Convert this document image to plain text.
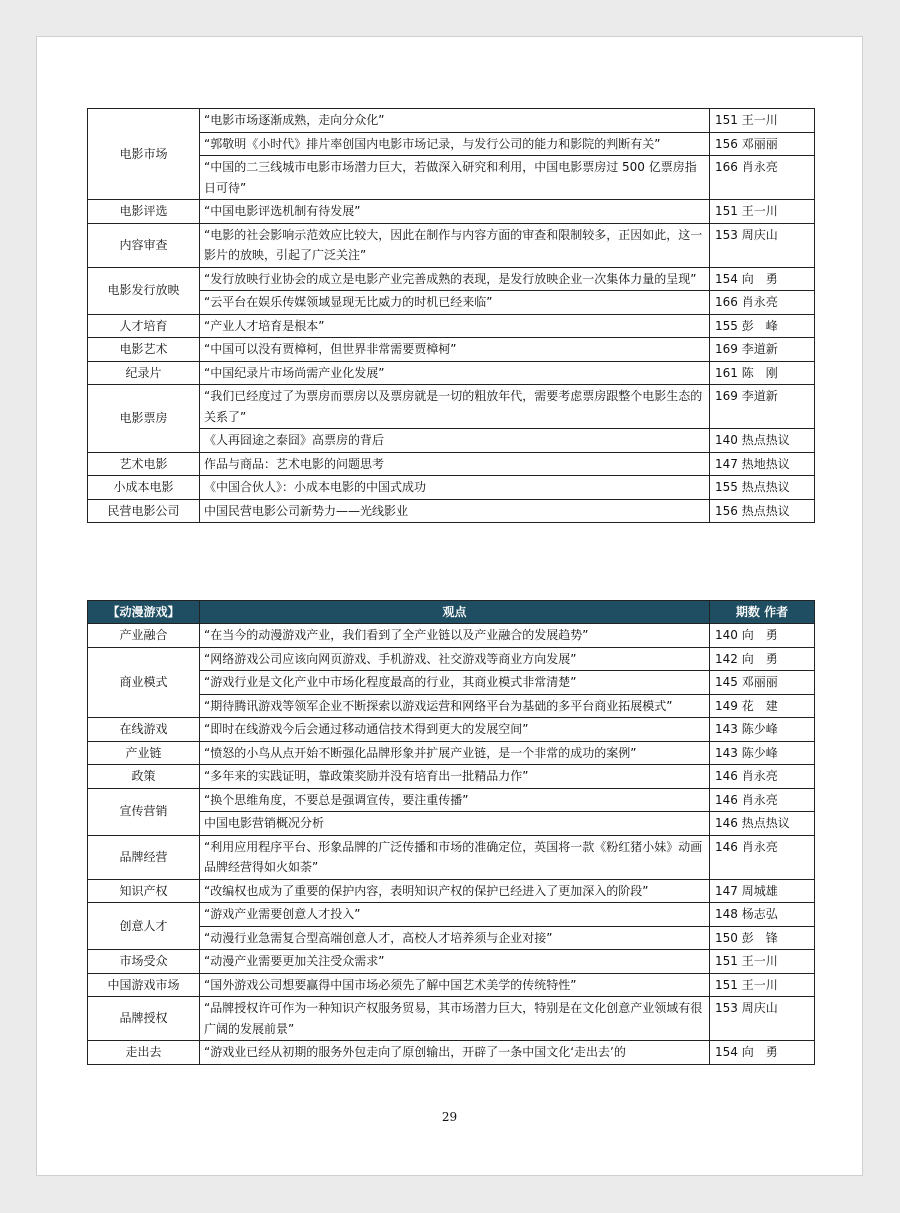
电影市场	“电影市场逐渐成熟，走向分众化”	151 王一川
	“郭敬明《小时代》排片率创国内电影市场记录，与发行公司的能力和影院的判断有关”	156 邓丽丽
	“中国的二三线城市电影市场潜力巨大，若做深入研究和利用，中国电影票房过 500 亿票房指日可待”	166 肖永亮
电影评选	“中国电影评选机制有待发展”	151 王一川
内容审查	“电影的社会影响示范效应比较大，因此在制作与内容方面的审查和限制较多，正因如此，这一影片的放映，引起了广泛关注”	153 周庆山
电影发行放映	“发行放映行业协会的成立是电影产业完善成熟的表现，是发行放映企业一次集体力量的呈现”	154 向　勇
	“云平台在娱乐传媒领域显现无比威力的时机已经来临”	166 肖永亮
人才培育	“产业人才培育是根本”	155 彭　峰
电影艺术	“中国可以没有贾樟柯，但世界非常需要贾樟柯”	169 李道新
纪录片	“中国纪录片市场尚需产业化发展”	161 陈　刚
电影票房	“我们已经度过了为票房而票房以及票房就是一切的粗放年代，需要考虑票房跟整个电影生态的关系了”	169 李道新
	《人再囧途之泰囧》高票房的背后	140 热点热议
艺术电影	作品与商品：艺术电影的问题思考	147 热地热议
小成本电影	《中国合伙人》：小成本电影的中国式成功	155 热点热议
民营电影公司	中国民营电影公司新势力——光线影业	156 热点热议
【动漫游戏】	观点	期数 作者
产业融合	“在当今的动漫游戏产业，我们看到了全产业链以及产业融合的发展趋势”	140 向　勇
商业模式	“网络游戏公司应该向网页游戏、手机游戏、社交游戏等商业方向发展”	142 向　勇
	“游戏行业是文化产业中市场化程度最高的行业，其商业模式非常清楚”	145 邓丽丽
	“期待腾讯游戏等领军企业不断探索以游戏运营和网络平台为基础的多平台商业拓展模式”	149 花　建
在线游戏	“即时在线游戏今后会通过移动通信技术得到更大的发展空间”	143 陈少峰
产业链	“愤怒的小鸟从点开始不断强化品牌形象并扩展产业链，是一个非常的成功的案例”	143 陈少峰
政策	“多年来的实践证明，靠政策奖励并没有培育出一批精品力作”	146 肖永亮
宣传营销	“换个思维角度，不要总是强调宣传，要注重传播”	146 肖永亮
	中国电影营销概况分析	146 热点热议
品牌经营	“利用应用程序平台、形象品牌的广泛传播和市场的准确定位，英国将一款《粉红猪小妹》动画品牌经营得如火如荼”	146 肖永亮
知识产权	“改编权也成为了重要的保护内容，表明知识产权的保护已经进入了更加深入的阶段”	147 周城雄
创意人才	“游戏产业需要创意人才投入”	148 杨志弘
	“动漫行业急需复合型高端创意人才，高校人才培养须与企业对接”	150 彭　锋
市场受众	“动漫产业需要更加关注受众需求”	151 王一川
中国游戏市场	“国外游戏公司想要赢得中国市场必须先了解中国艺术美学的传统特性”	151 王一川
品牌授权	“品牌授权许可作为一种知识产权服务贸易，其市场潜力巨大，特别是在文化创意产业领域有很广阔的发展前景”	153 周庆山
走出去	“游戏业已经从初期的服务外包走向了原创输出，开辟了一条中国文化‘走出去’的	154 向　勇
29
